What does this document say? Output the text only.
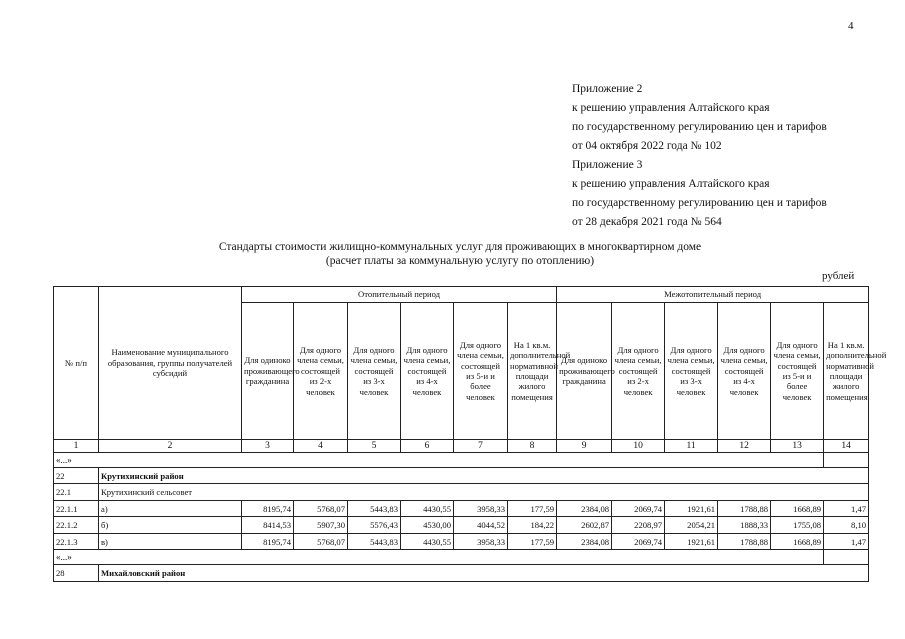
4
Приложение 2
к решению управления Алтайского края
по государственному регулированию цен и тарифов
от 04 октября 2022 года № 102
Приложение 3
к решению управления Алтайского края
по государственному регулированию цен и тарифов
от 28 декабря 2021 года № 564
Стандарты стоимости жилищно-коммунальных услуг для проживающих в многоквартирном доме
(расчет платы за коммунальную услугу по отоплению)
рублей
№ п/п	Наименование муниципального образования, группы получателей субсидий	Отопительный период						Межотопительный период					
		Для одиноко проживающего гражданина	Для одного члена семьи, состоящей из 2-х человек	Для одного члена семьи, состоящей из 3-х человек	Для одного члена семьи, состоящей из 4-х человек	Для одного члена семьи, состоящей из 5-и и более человек	На 1 кв.м. дополнительной нормативной площади жилого помещения	Для одиноко проживающего гражданина	Для одного члена семьи, состоящей из 2-х человек	Для одного члена семьи, состоящей из 3-х человек	Для одного члена семьи, состоящей из 4-х человек	Для одного члена семьи, состоящей из 5-и и более человек	На 1 кв.м. дополнительной нормативной площади жилого помещения
1	2	3	4	5	6	7	8	9	10	11	12	13	14
«...»													
22	Крутихинский район												
22.1	Крутихинский сельсовет												
22.1.1	а)	8195,74	5768,07	5443,83	4430,55	3958,33	177,59	2384,08	2069,74	1921,61	1788,88	1668,89	1,47
22.1.2	б)	8414,53	5907,30	5576,43	4530,00	4044,52	184,22	2602,87	2208,97	2054,21	1888,33	1755,08	8,10
22.1.3	в)	8195,74	5768,07	5443,83	4430,55	3958,33	177,59	2384,08	2069,74	1921,61	1788,88	1668,89	1,47
«...»													
28	Михайловский район												
